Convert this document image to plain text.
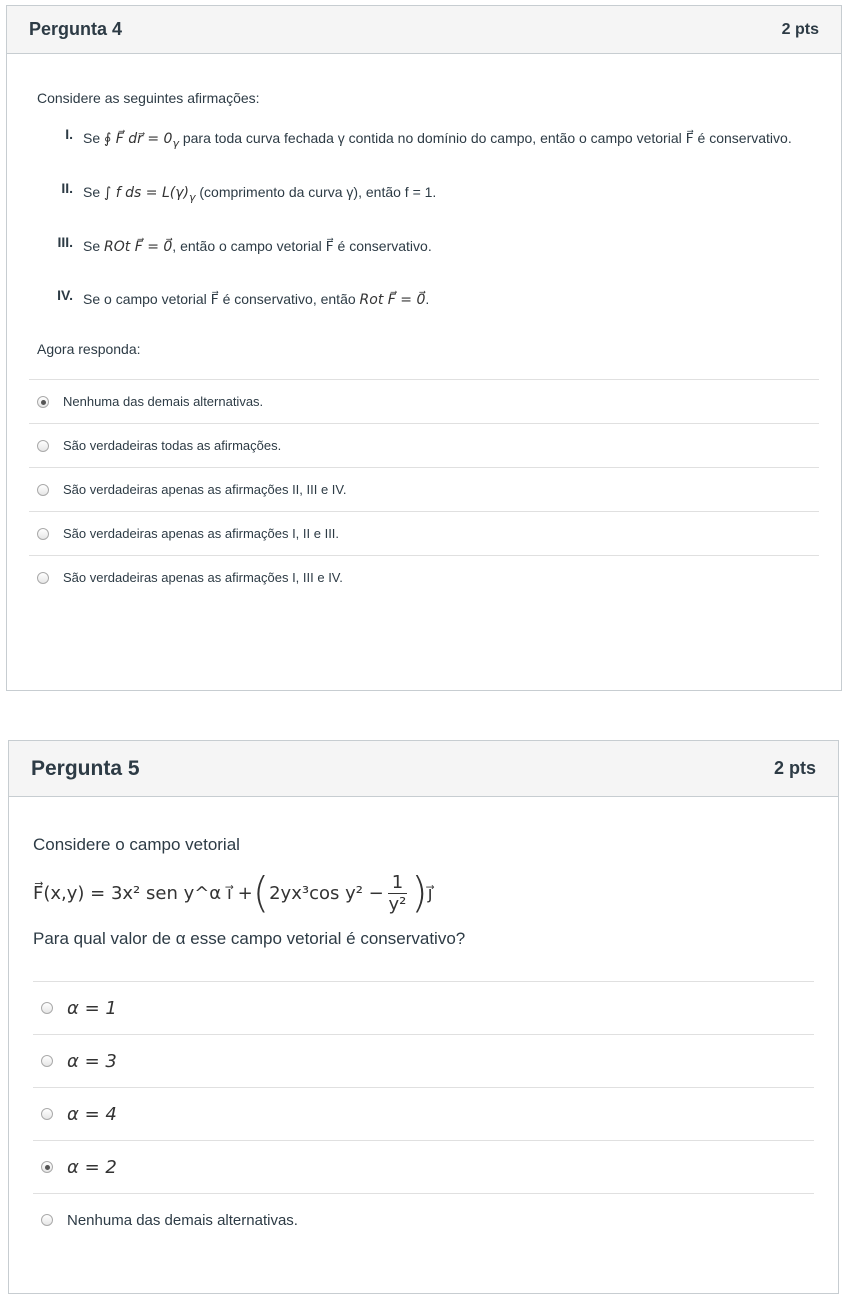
Pergunta 4	2 pts
Considere as seguintes afirmações:
I. Se ∮ F⃗ dr⃗ = $0_\gamma$ para toda curva fechada γ contida no domínio do campo, então o campo vetorial F⃗ é conservativo.
II. Se ∫ f ds = $L(\gamma)_\gamma$ (comprimento da curva γ), então f = 1.
III. Se ROt F⃗ = 0⃗, então o campo vetorial F⃗ é conservativo.
IV. Se o campo vetorial F⃗ é conservativo, então Rot F⃗ = 0⃗.
Agora responda:
Nenhuma das demais alternativas.
São verdadeiras todas as afirmações.
São verdadeiras apenas as afirmações II, III e IV.
São verdadeiras apenas as afirmações I, II e III.
São verdadeiras apenas as afirmações I, III e IV.
Pergunta 5	2 pts
Considere o campo vetorial
F⃗(x,y) = 3x² sen y^α i⃗ + ( 2yx³cos $y^2 - \frac{1}{\text{y²}}$ ) j⃗
Para qual valor de α esse campo vetorial é conservativo?
α = 1
α = 3
α = 4
α = 2
Nenhuma das demais alternativas.
